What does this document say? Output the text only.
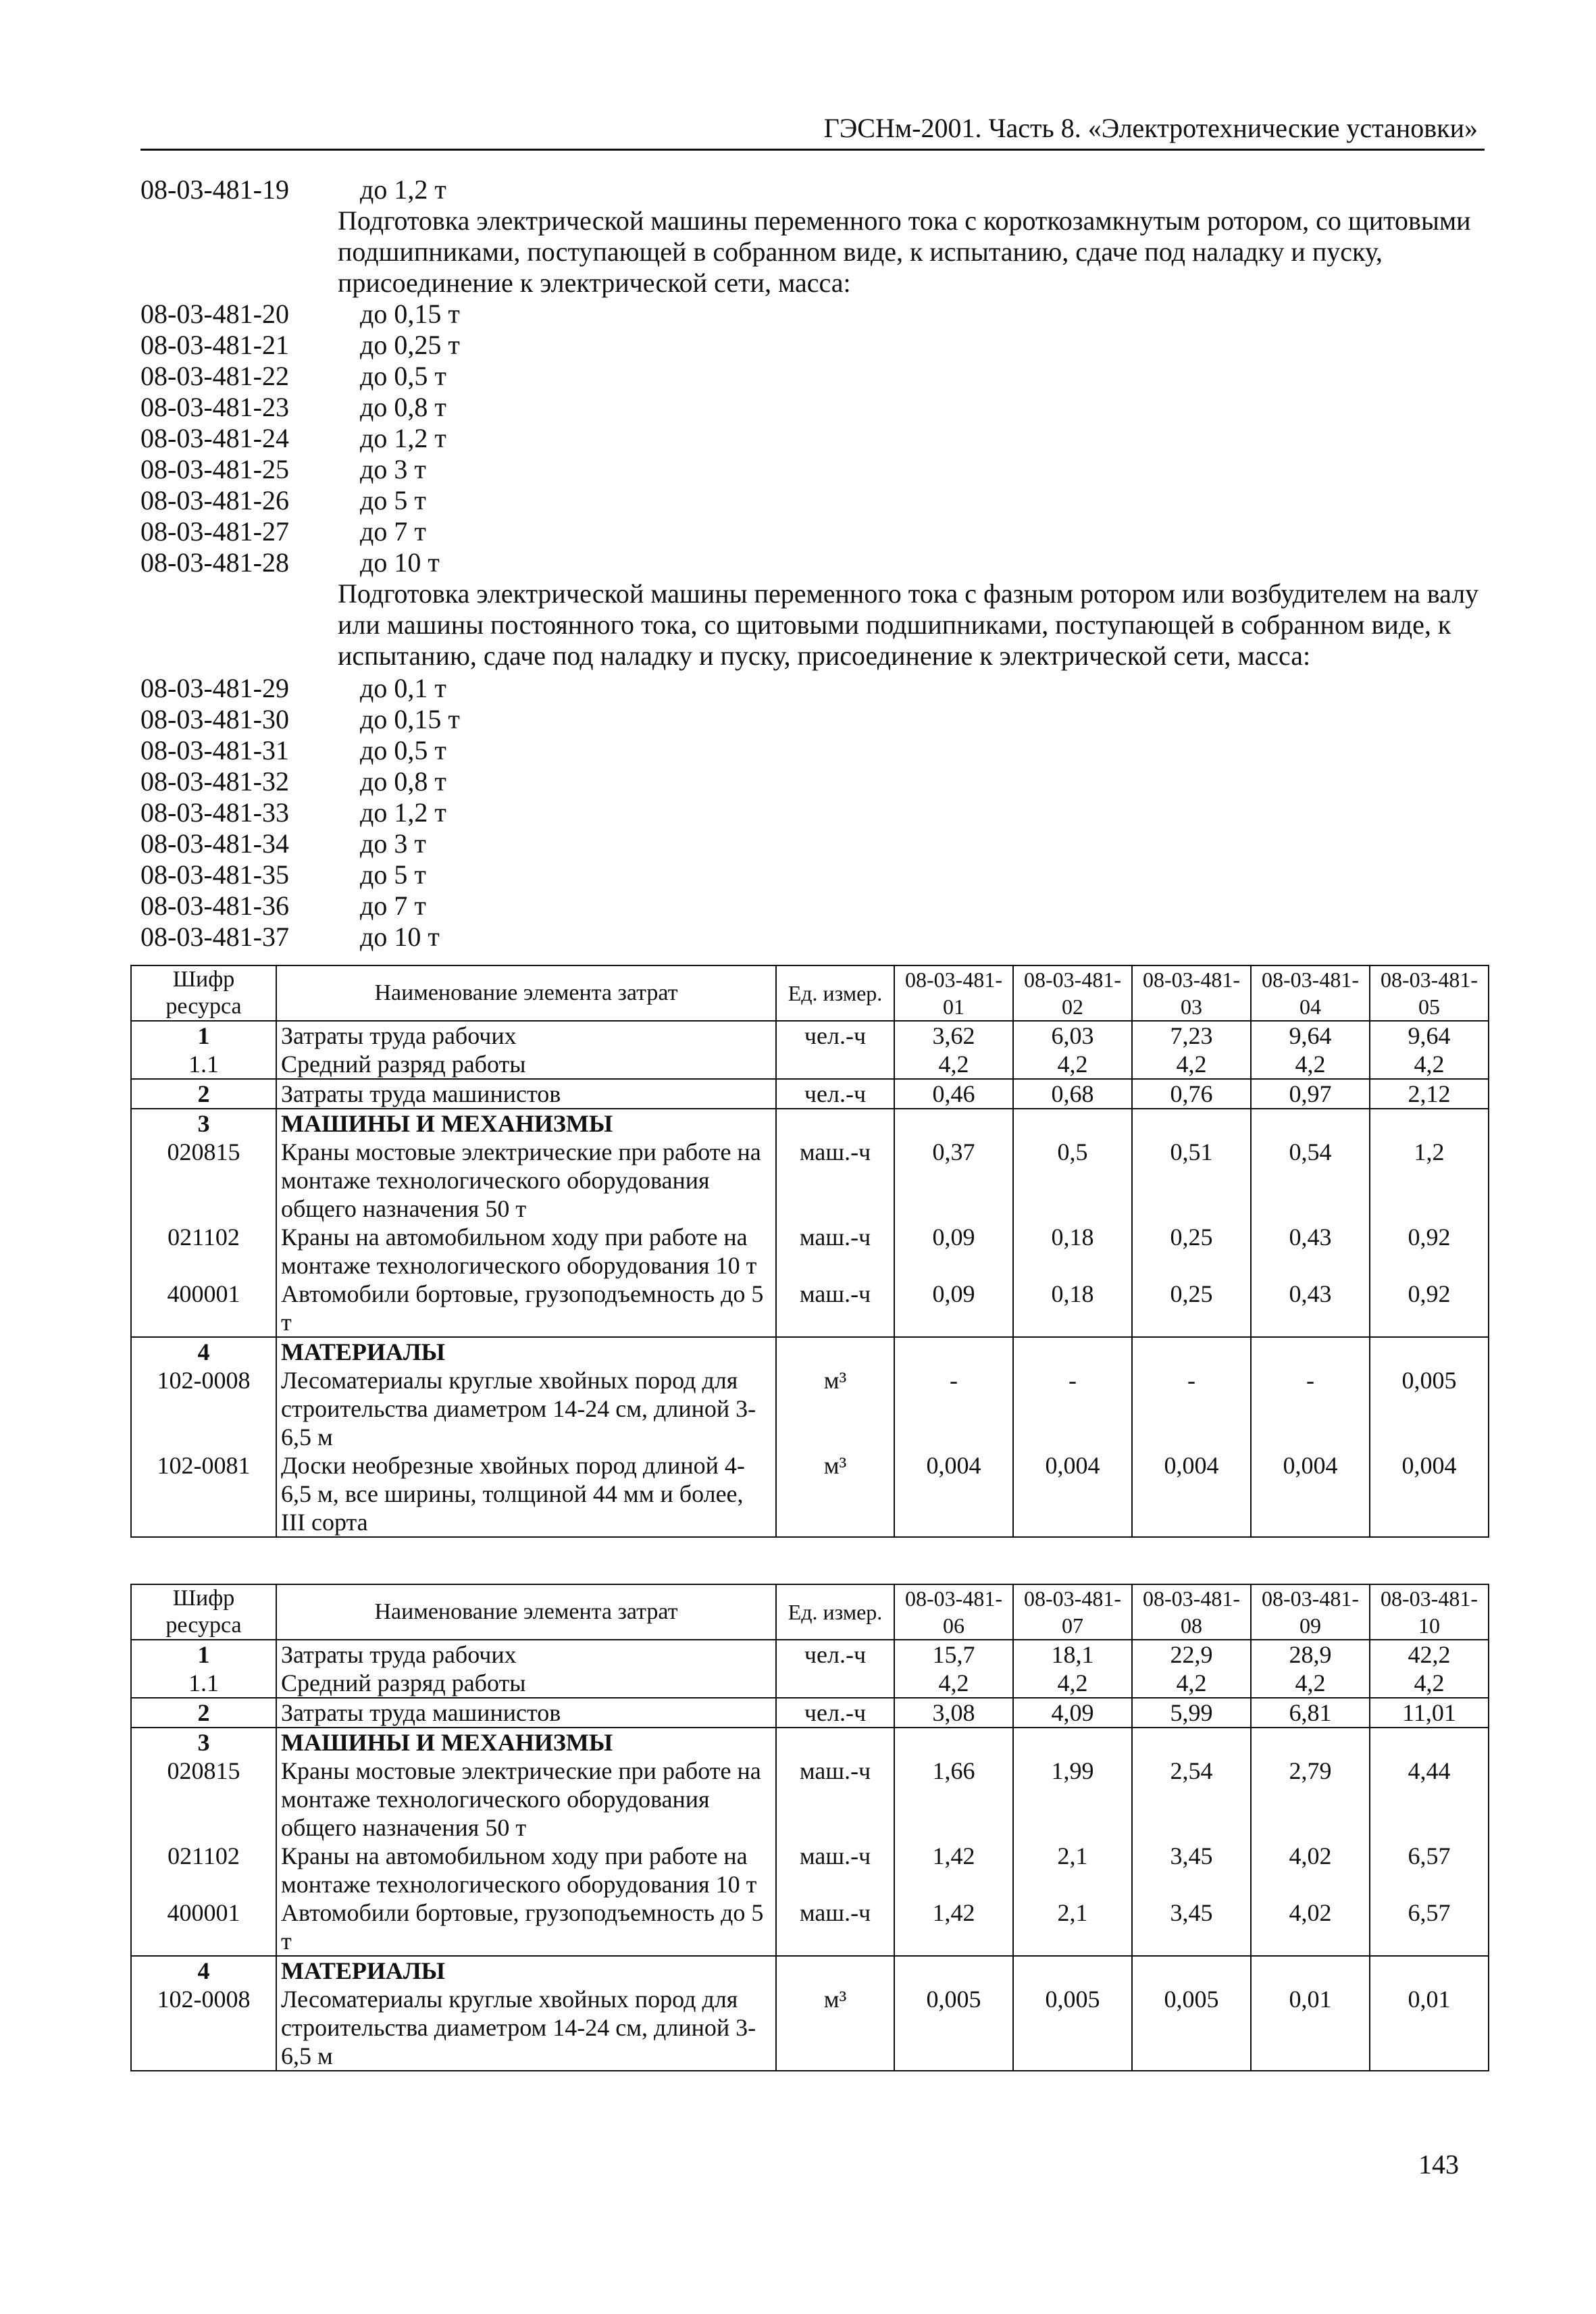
ГЭСНм-2001. Часть 8. «Электротехнические установки»
08-03-481-19	до 1,2 т
Подготовка электрической машины переменного тока с короткозамкнутым ротором, со щитовыми подшипниками, поступающей в собранном виде, к испытанию, сдаче под наладку и пуску, присоединение к электрической сети, масса:
08-03-481-20	до 0,15 т
08-03-481-21	до 0,25 т
08-03-481-22	до 0,5 т
08-03-481-23	до 0,8 т
08-03-481-24	до 1,2 т
08-03-481-25	до 3 т
08-03-481-26	до 5 т
08-03-481-27	до 7 т
08-03-481-28	до 10 т
Подготовка электрической машины переменного тока с фазным ротором или возбудителем на валу или машины постоянного тока, со щитовыми подшипниками, поступающей в собранном виде, к испытанию, сдаче под наладку и пуску, присоединение к электрической сети, масса:
08-03-481-29	до 0,1 т
08-03-481-30	до 0,15 т
08-03-481-31	до 0,5 т
08-03-481-32	до 0,8 т
08-03-481-33	до 1,2 т
08-03-481-34	до 3 т
08-03-481-35	до 5 т
08-03-481-36	до 7 т
08-03-481-37	до 10 т
Шифр ресурса	Наименование элемента затрат	Ед. измер.	08-03-481-01	08-03-481-02	08-03-481-03	08-03-481-04	08-03-481-05
1	Затраты труда рабочих	чел.-ч	3,62	6,03	7,23	9,64	9,64
1.1	Средний разряд работы		4,2	4,2	4,2	4,2	4,2
2	Затраты труда машинистов	чел.-ч	0,46	0,68	0,76	0,97	2,12
3	МАШИНЫ И МЕХАНИЗМЫ						
020815	Краны мостовые электрические при работе на монтаже технологического оборудования общего назначения 50 т	маш.-ч	0,37	0,5	0,51	0,54	1,2
021102	Краны на автомобильном ходу при работе на монтаже технологического оборудования 10 т	маш.-ч	0,09	0,18	0,25	0,43	0,92
400001	Автомобили бортовые, грузоподъемность до 5 т	маш.-ч	0,09	0,18	0,25	0,43	0,92
4	МАТЕРИАЛЫ						
102-0008	Лесоматериалы круглые хвойных пород для строительства диаметром 14-24 см, длиной 3-6,5 м	м³	-	-	-	-	0,005
102-0081	Доски необрезные хвойных пород длиной 4-6,5 м, все ширины, толщиной 44 мм и более, III сорта	м³	0,004	0,004	0,004	0,004	0,004
Шифр ресурса	Наименование элемента затрат	Ед. измер.	08-03-481-06	08-03-481-07	08-03-481-08	08-03-481-09	08-03-481-10
1	Затраты труда рабочих	чел.-ч	15,7	18,1	22,9	28,9	42,2
1.1	Средний разряд работы		4,2	4,2	4,2	4,2	4,2
2	Затраты труда машинистов	чел.-ч	3,08	4,09	5,99	6,81	11,01
3	МАШИНЫ И МЕХАНИЗМЫ						
020815	Краны мостовые электрические при работе на монтаже технологического оборудования общего назначения 50 т	маш.-ч	1,66	1,99	2,54	2,79	4,44
021102	Краны на автомобильном ходу при работе на монтаже технологического оборудования 10 т	маш.-ч	1,42	2,1	3,45	4,02	6,57
400001	Автомобили бортовые, грузоподъемность до 5 т	маш.-ч	1,42	2,1	3,45	4,02	6,57
4	МАТЕРИАЛЫ						
102-0008	Лесоматериалы круглые хвойных пород для строительства диаметром 14-24 см, длиной 3-6,5 м	м³	0,005	0,005	0,005	0,01	0,01
143
